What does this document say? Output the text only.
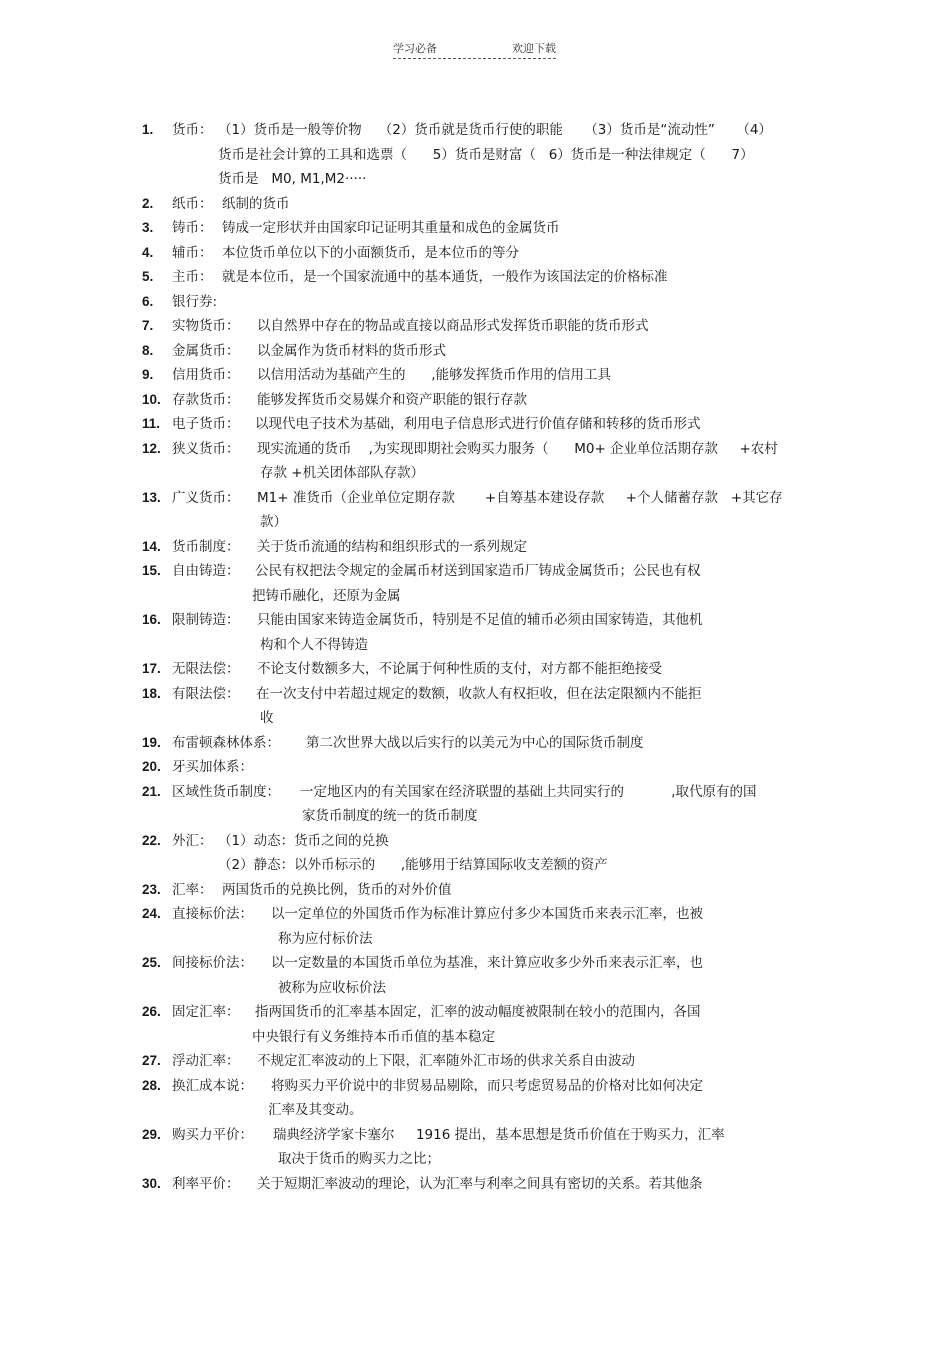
学习必备	欢迎下载
1. 货币： （1）货币是一般等价物    （2）货币就是货币行使的职能     （3）货币是“流动性”     （4）
货币是社会计算的工具和选票（      5）货币是财富（   6）货币是一种法律规定（      7）
货币是   M0, M1,M2·····
2. 纸币： 纸制的货币
3. 铸币： 铸成一定形状并由国家印记证明其重量和成色的金属货币
4. 辅币： 本位货币单位以下的小面额货币，是本位币的等分
5. 主币： 就是本位币，是一个国家流通中的基本通货，一般作为该国法定的价格标准
6. 银行券:
7. 实物货币：	以自然界中存在的物品或直接以商品形式发挥货币职能的货币形式
8. 金属货币：	以金属作为货币材料的货币形式
9. 信用货币：	以信用活动为基础产生的      ,能够发挥货币作用的信用工具
10. 存款货币：	能够发挥货币交易媒介和资产职能的银行存款
11. 电子货币：	以现代电子技术为基础，利用电子信息形式进行价值存储和转移的货币形式
12. 狭义货币：	现实流通的货币    ,为实现即期社会购买力服务（      M0+ 企业单位活期存款     +农村
存款 +机关团体部队存款）
13. 广义货币：	M1+ 准货币（企业单位定期存款       +自筹基本建设存款     +个人储蓄存款   +其它存
款）
14. 货币制度：	关于货币流通的结构和组织形式的一系列规定
15. 自由铸造：	公民有权把法令规定的金属币材送到国家造币厂铸成金属货币；公民也有权
把铸币融化，还原为金属
16. 限制铸造：	只能由国家来铸造金属货币，特别是不足值的辅币必须由国家铸造，其他机
构和个人不得铸造
17. 无限法偿：	不论支付数额多大，不论属于何种性质的支付，对方都不能拒绝接受
18. 有限法偿：	在一次支付中若超过规定的数额，收款人有权拒收，但在法定限额内不能拒
收
19. 布雷顿森林体系：	第二次世界大战以后实行的以美元为中心的国际货币制度
20. 牙买加体系：
21. 区域性货币制度：	一定地区内的有关国家在经济联盟的基础上共同实行的           ,取代原有的国
家货币制度的统一的货币制度
22. 外汇： （1）动态：货币之间的兑换
（2）静态：以外币标示的      ,能够用于结算国际收支差额的资产
23. 汇率： 两国货币的兑换比例，货币的对外价值
24. 直接标价法：	以一定单位的外国货币作为标准计算应付多少本国货币来表示汇率，也被
称为应付标价法
25. 间接标价法：	以一定数量的本国货币单位为基准，来计算应收多少外币来表示汇率，也
被称为应收标价法
26. 固定汇率：	指两国货币的汇率基本固定，汇率的波动幅度被限制在较小的范围内，各国
中央银行有义务维持本币币值的基本稳定
27. 浮动汇率：	不规定汇率波动的上下限，汇率随外汇市场的供求关系自由波动
28. 换汇成本说：	将购买力平价说中的非贸易品剔除，而只考虑贸易品的价格对比如何决定
汇率及其变动。
29. 购买力平价：	瑞典经济学家卡塞尔     1916 提出，基本思想是货币价值在于购买力，汇率
取决于货币的购买力之比；
30. 利率平价：	关于短期汇率波动的理论，认为汇率与利率之间具有密切的关系。若其他条
